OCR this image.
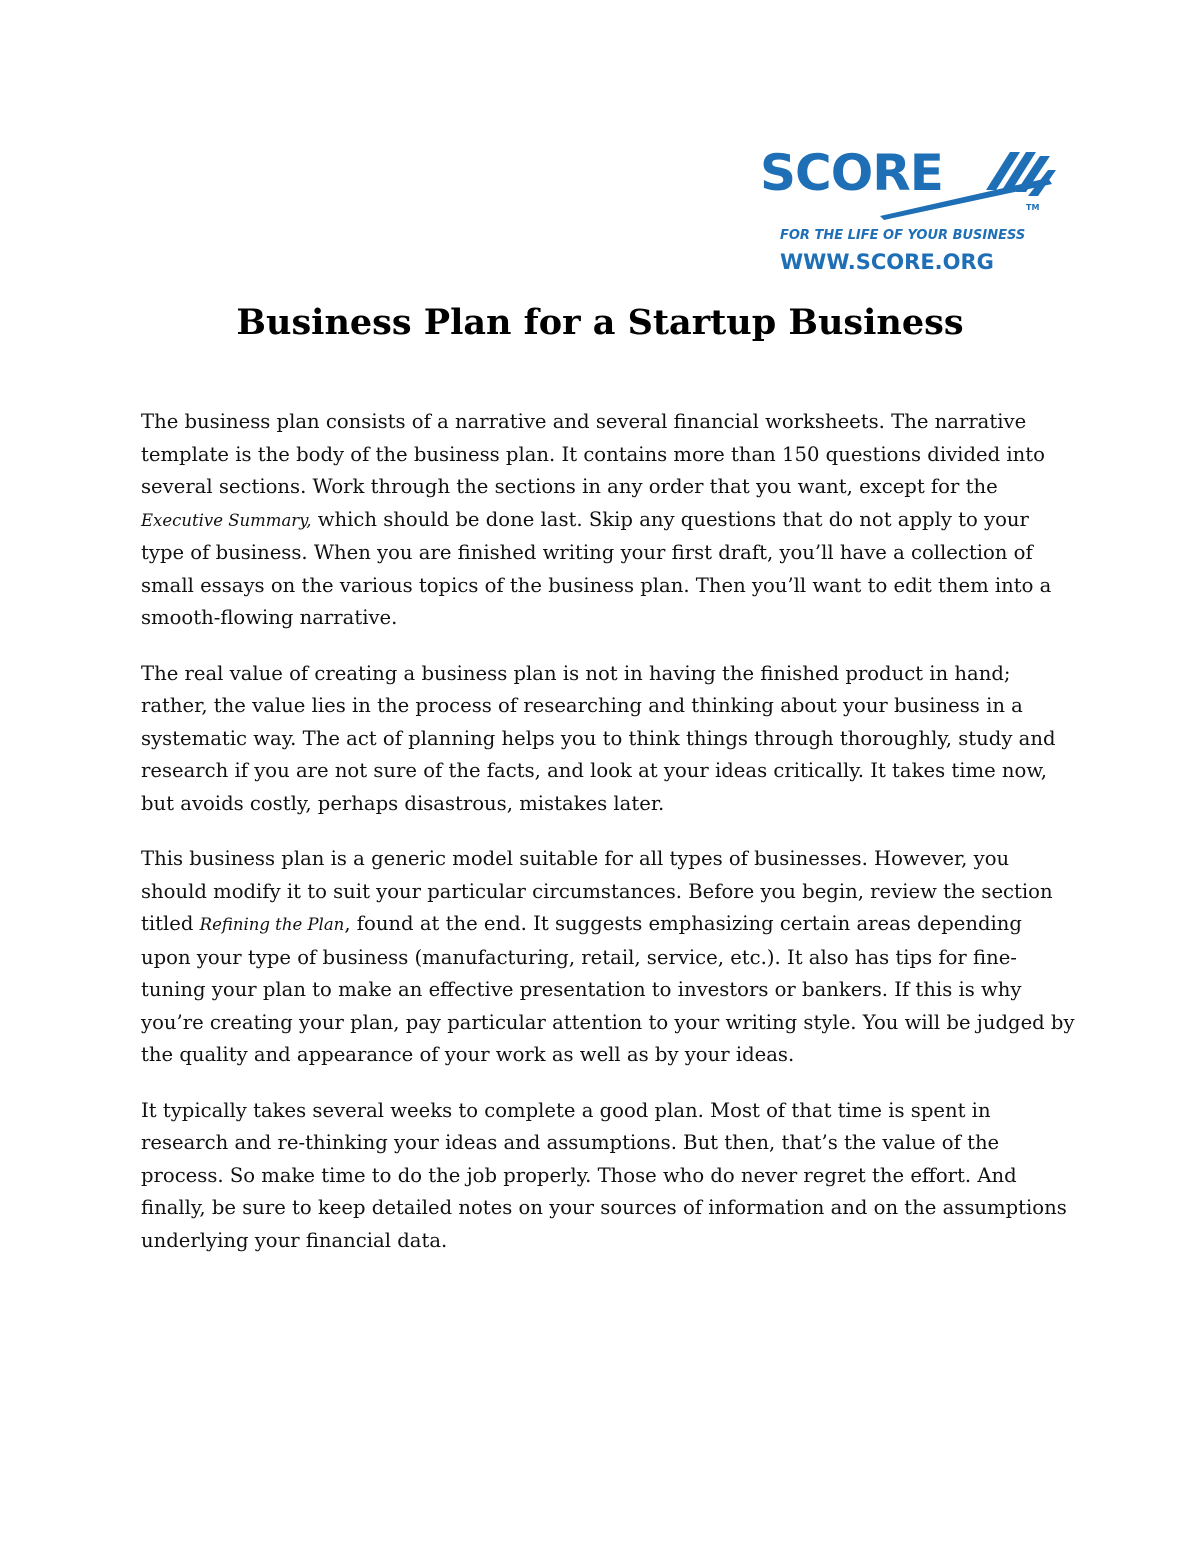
TM
SCORE
FOR THE LIFE OF YOUR BUSINESS
WWW.SCORE.ORG
Business Plan for a Startup Business

The business plan consists of a narrative and several financial worksheets. The narrative template is the body of the business plan. It contains more than 150 questions divided into several sections. Work through the sections in any order that you want, except for the Executive Summary, which should be done last. Skip any questions that do not apply to your type of business. When you are finished writing your first draft, you’ll have a collection of small essays on the various topics of the business plan. Then you’ll want to edit them into a smooth-flowing narrative.

The real value of creating a business plan is not in having the finished product in hand; rather, the value lies in the process of researching and thinking about your business in a systematic way. The act of planning helps you to think things through thoroughly, study and research if you are not sure of the facts, and look at your ideas critically. It takes time now, but avoids costly, perhaps disastrous, mistakes later.

This business plan is a generic model suitable for all types of businesses. However, you should modify it to suit your particular circumstances. Before you begin, review the section titled Refining the Plan, found at the end. It suggests emphasizing certain areas depending upon your type of business (manufacturing, retail, service, etc.). It also has tips for fine-tuning your plan to make an effective presentation to investors or bankers. If this is why you’re creating your plan, pay particular attention to your writing style. You will be judged by the quality and appearance of your work as well as by your ideas.

It typically takes several weeks to complete a good plan. Most of that time is spent in research and re-thinking your ideas and assumptions. But then, that’s the value of the process. So make time to do the job properly. Those who do never regret the effort. And finally, be sure to keep detailed notes on your sources of information and on the assumptions underlying your financial data.
